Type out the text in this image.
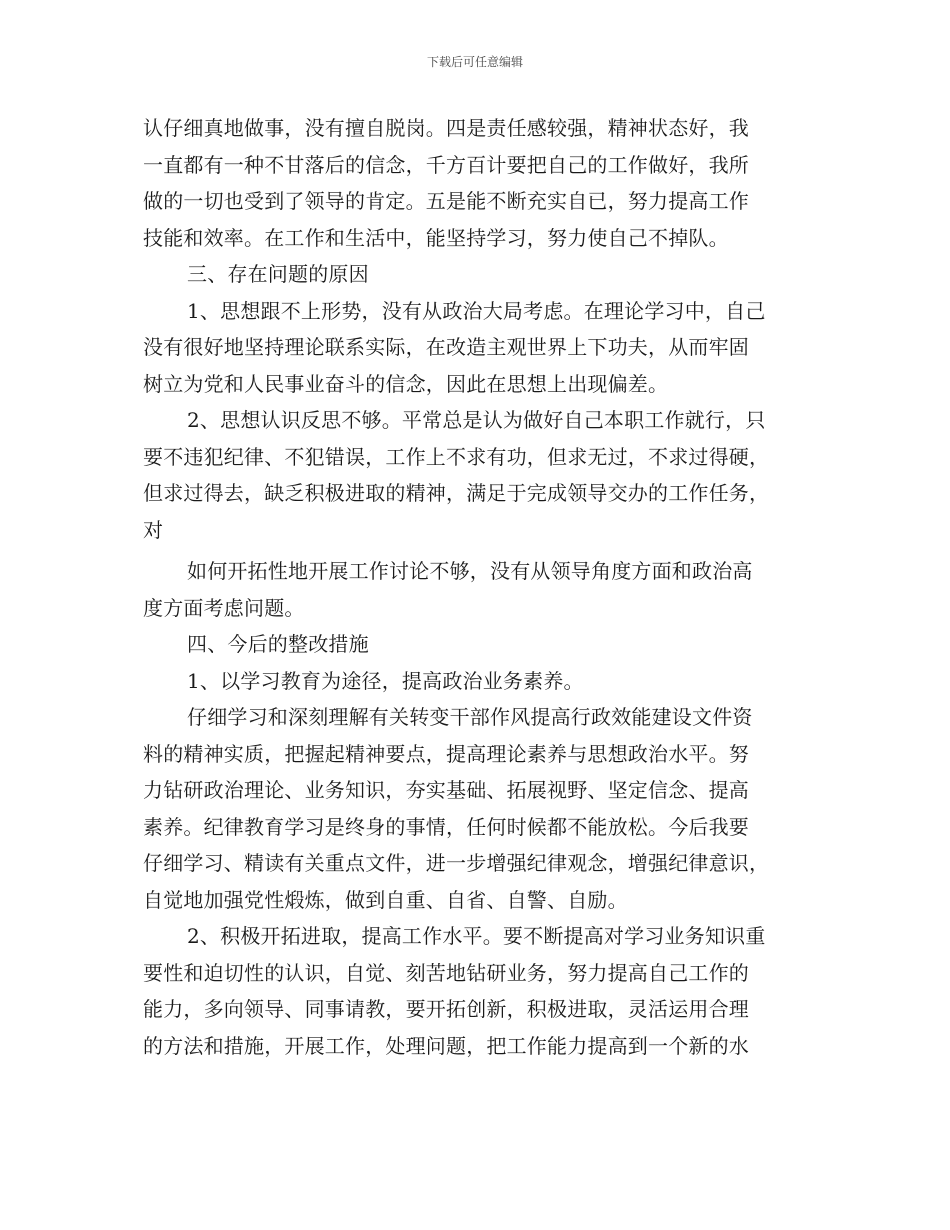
下载后可任意编辑
认仔细真地做事，没有擅自脱岗。四是责任感较强，精神状态好，我
一直都有一种不甘落后的信念，千方百计要把自己的工作做好，我所
做的一切也受到了领导的肯定。五是能不断充实自已，努力提高工作
技能和效率。在工作和生活中，能坚持学习，努力使自己不掉队。
三、存在问题的原因
1、思想跟不上形势，没有从政治大局考虑。在理论学习中，自己
没有很好地坚持理论联系实际，在改造主观世界上下功夫，从而牢固
树立为党和人民事业奋斗的信念，因此在思想上出现偏差。
2、思想认识反思不够。平常总是认为做好自己本职工作就行，只
要不违犯纪律、不犯错误，工作上不求有功，但求无过，不求过得硬，
但求过得去，缺乏积极进取的精神，满足于完成领导交办的工作任务，
对
如何开拓性地开展工作讨论不够，没有从领导角度方面和政治高
度方面考虑问题。
四、今后的整改措施
1、以学习教育为途径，提高政治业务素养。
仔细学习和深刻理解有关转变干部作风提高行政效能建设文件资
料的精神实质，把握起精神要点，提高理论素养与思想政治水平。努
力钻研政治理论、业务知识，夯实基础、拓展视野、坚定信念、提高
素养。纪律教育学习是终身的事情，任何时候都不能放松。今后我要
仔细学习、精读有关重点文件，进一步增强纪律观念，增强纪律意识，
自觉地加强党性煅炼，做到自重、自省、自警、自励。
2、积极开拓进取，提高工作水平。要不断提高对学习业务知识重
要性和迫切性的认识，自觉、刻苦地钻研业务，努力提高自己工作的
能力，多向领导、同事请教，要开拓创新，积极进取，灵活运用合理
的方法和措施，开展工作，处理问题，把工作能力提高到一个新的水
